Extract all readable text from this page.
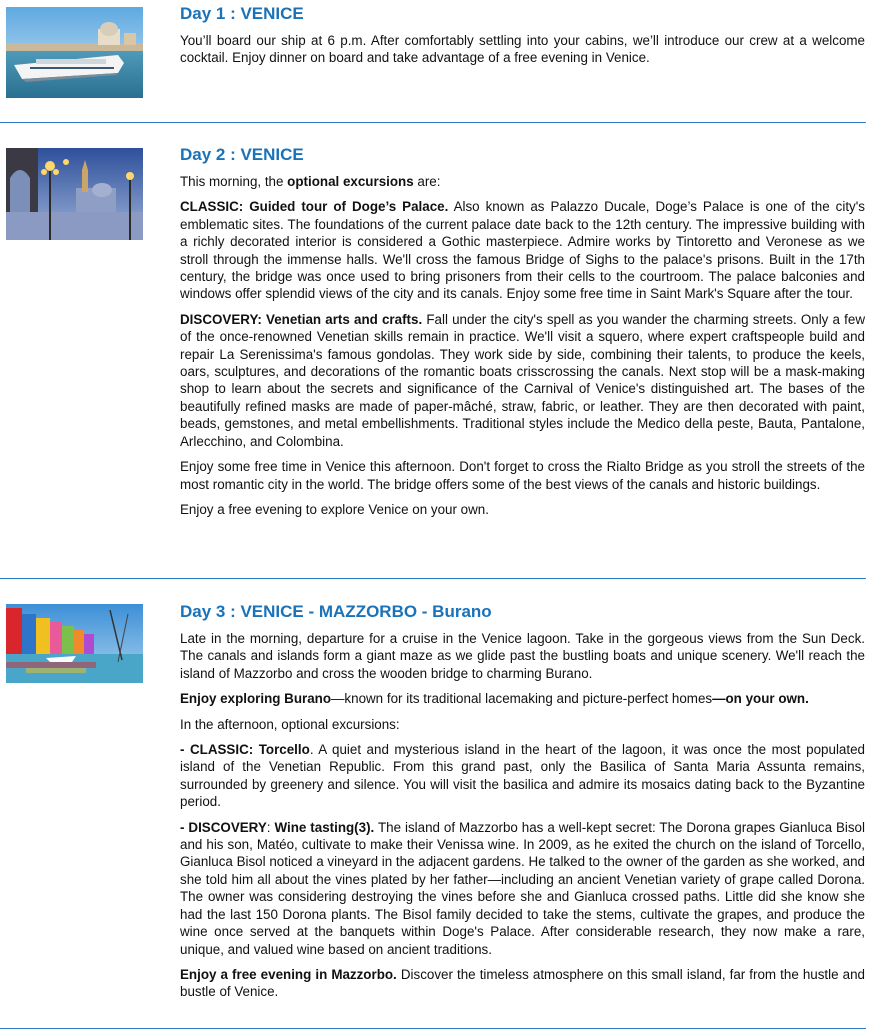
Day 1 : VENICE

You’ll board our ship at 6 p.m. After comfortably settling into your cabins, we’ll introduce our crew at a welcome cocktail. Enjoy dinner on board and take advantage of a free evening in Venice.

Day 2 : VENICE

This morning, the optional excursions are:

CLASSIC: Guided tour of Doge’s Palace. Also known as Palazzo Ducale, Doge’s Palace is one of the city's emblematic sites. The foundations of the current palace date back to the 12th century. The impressive building with a richly decorated interior is considered a Gothic masterpiece. Admire works by Tintoretto and Veronese as we stroll through the immense halls. We'll cross the famous Bridge of Sighs to the palace's prisons. Built in the 17th century, the bridge was once used to bring prisoners from their cells to the courtroom. The palace balconies and windows offer splendid views of the city and its canals. Enjoy some free time in Saint Mark's Square after the tour.

DISCOVERY: Venetian arts and crafts. Fall under the city's spell as you wander the charming streets. Only a few of the once-renowned Venetian skills remain in practice. We'll visit a squero, where expert craftspeople build and repair La Serenissima's famous gondolas. They work side by side, combining their talents, to produce the keels, oars, sculptures, and decorations of the romantic boats crisscrossing the canals. Next stop will be a mask-making shop to learn about the secrets and significance of the Carnival of Venice's distinguished art. The bases of the beautifully refined masks are made of paper-mâché, straw, fabric, or leather. They are then decorated with paint, beads, gemstones, and metal embellishments. Traditional styles include the Medico della peste, Bauta, Pantalone, Arlecchino, and Colombina.

Enjoy some free time in Venice this afternoon. Don't forget to cross the Rialto Bridge as you stroll the streets of the most romantic city in the world. The bridge offers some of the best views of the canals and historic buildings.

Enjoy a free evening to explore Venice on your own.

Day 3 : VENICE - MAZZORBO - Burano

Late in the morning, departure for a cruise in the Venice lagoon. Take in the gorgeous views from the Sun Deck. The canals and islands form a giant maze as we glide past the bustling boats and unique scenery. We'll reach the island of Mazzorbo and cross the wooden bridge to charming Burano.

Enjoy exploring Burano—known for its traditional lacemaking and picture-perfect homes—on your own.

In the afternoon, optional excursions:

- CLASSIC: Torcello. A quiet and mysterious island in the heart of the lagoon, it was once the most populated island of the Venetian Republic. From this grand past, only the Basilica of Santa Maria Assunta remains, surrounded by greenery and silence. You will visit the basilica and admire its mosaics dating back to the Byzantine period.

- DISCOVERY: Wine tasting(3). The island of Mazzorbo has a well-kept secret: The Dorona grapes Gianluca Bisol and his son, Matéo, cultivate to make their Venissa wine. In 2009, as he exited the church on the island of Torcello, Gianluca Bisol noticed a vineyard in the adjacent gardens. He talked to the owner of the garden as she worked, and she told him all about the vines plated by her father—including an ancient Venetian variety of grape called Dorona. The owner was considering destroying the vines before she and Gianluca crossed paths. Little did she know she had the last 150 Dorona plants. The Bisol family decided to take the stems, cultivate the grapes, and produce the wine once served at the banquets within Doge's Palace. After considerable research, they now make a rare, unique, and valued wine based on ancient traditions.

Enjoy a free evening in Mazzorbo. Discover the timeless atmosphere on this small island, far from the hustle and bustle of Venice.
